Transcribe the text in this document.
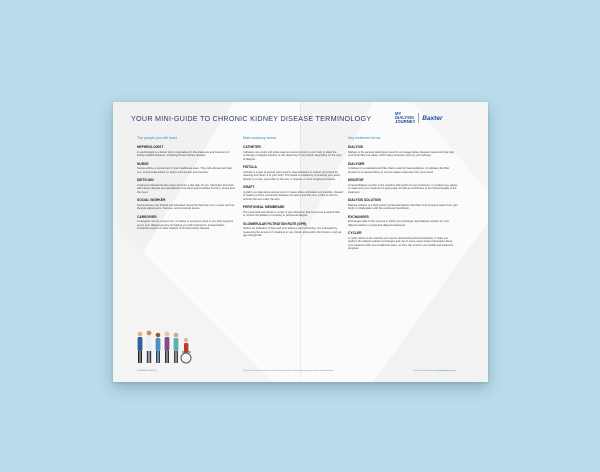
YOUR MINI-GUIDE TO CHRONIC KIDNEY DISEASE TERMINOLOGY
MY
DIALYSIS
JOURNEY
Baxter
The people you will meet
NEPHROLOGIST
A nephrologist is a doctor who is specialised in the diagnosis and treatment of kidney-related diseases, including chronic kidney disease.
NURSE
Nurses will be a pivotal part of your healthcare team. They will educate and train you, and provide advice on topics such as diet and exercise.
DIETICIAN
A trained professional who helps structure a diet plan for you. Dieticians that work with kidney disease are specialised in low diet impacts kidney function, bones and the heart.
SOCIAL WORKER
Social workers are trained and educated resources that help you in areas such as lifestyle adjustments, finances, and emotional issues.
CAREGIVER
A caregiver can be a loved one, a relative or someone close to you who supports you in your dialysis journey by helping you with treatments, transportation, emotional support or other aspects of chronic kidney disease.
Main anatomy words
CATHETER
Catheters are small, soft tubes used as access points to your body to allow the exchange of dialysis solution or the cleansing of your blood, depending on the type of dialysis.
FISTULA
A fistula is a type of access point used in haemodialysis to extract your blood for cleaning and return it to your body. The fistula is created by connecting your artery directly to a vein, most often in the arm. It requires a minor surgical procedure.
GRAFT
A graft is an alternative access point in cases where a fistula is not possible. Instead of making a direct connection between the artery and the vein, a tube is used to connect the two under the skin.
PERITONEAL MEMBRANE
The peritoneal membrane is a part of your abdomen that is used as a natural filter to mimick the abilities of a kidney in peritoneal dialysis.
GLOMERULAR FILTRATION RATE (GFR)
GFR is an indication of how well your kidneys are functioning. It is estimated by measuring the amount of creatinine in your blood, along with other factors, such as age and gender.
Key treatment terms
DIALYSIS
Dialysis is the general description used for end stage kidney disease treatments that help your body filter out waste, which was previously done by your kidneys.
DIALYSER
A dialyser is a manufactured filter that is used for haemodialysis. It replicates the filter function of a natural kidney to remove waste molecules from your blood.
MONITOR
A haemodialysis monitor is the machine that performs your treatment. It monitors key values to make sure your treatment is going well, as well as contributes to the clinical quality of the treatment.
DIALYSIS SOLUTION
Dialysis solution is a fluid used in peritoneal dialysis that filters and removes waste from your body in collaboration with the peritoneal membrane.
EXCHANGES
Exchanges refer to the process in which you exchange used dialysis solution for new dialysis solution in peritoneal dialysis treatments.
CYCLER
A cycler refers to the machine you use for automated peritoneal dialysis. It helps you perform the dialysis solution exchanges and can in some cases share information about your treatment with your healthcare team, so they can monitor your health and treatment progress.
GLBM/MG/21-0000(a)	Talk to your healthcare team for more information about starting and managing chronic kidney disease.	For more information visit mydialysisjourney.com
